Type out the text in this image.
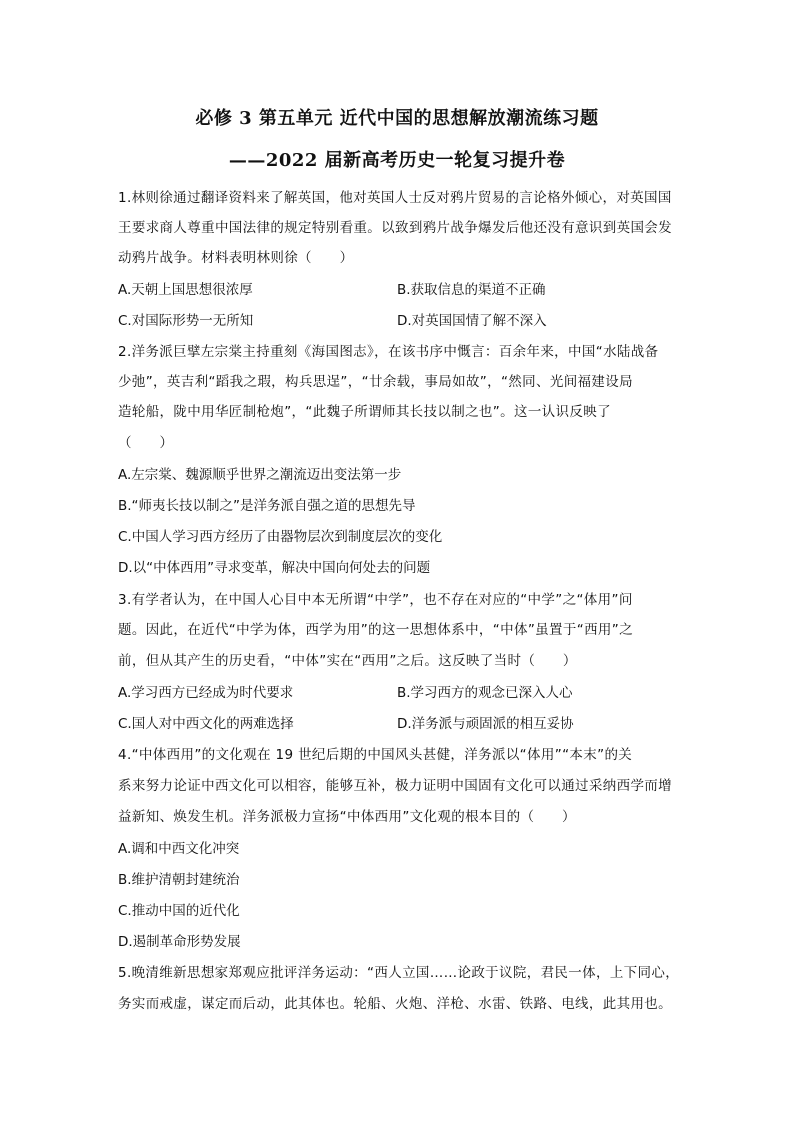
必修 3 第五单元 近代中国的思想解放潮流练习题
——2022 届新高考历史一轮复习提升卷
1.林则徐通过翻译资料来了解英国，他对英国人士反对鸦片贸易的言论格外倾心，对英国国
王要求商人尊重中国法律的规定特别看重。以致到鸦片战争爆发后他还没有意识到英国会发
动鸦片战争。材料表明林则徐（　　）
A.天朝上国思想很浓厚	B.获取信息的渠道不正确
C.对国际形势一无所知	D.对英国国情了解不深入
2.洋务派巨擘左宗棠主持重刻《海国图志》，在该书序中慨言：百余年来，中国“水陆战备
少弛”，英吉利“蹈我之瑕，构兵思逞”，“廿余载，事局如故”，“然同、光间福建设局
造轮船，陇中用华匠制枪炮”，“此魏子所谓师其长技以制之也”。这一认识反映了
（　　）
A.左宗棠、魏源顺乎世界之潮流迈出变法第一步
B.“师夷长技以制之”是洋务派自强之道的思想先导
C.中国人学习西方经历了由器物层次到制度层次的变化
D.以“中体西用”寻求变革，解决中国向何处去的问题
3.有学者认为，在中国人心目中本无所谓“中学”，也不存在对应的“中学”之“体用”问
题。因此，在近代“中学为体，西学为用”的这一思想体系中，“中体”虽置于“西用”之
前，但从其产生的历史看，“中体”实在“西用”之后。这反映了当时（　　）
A.学习西方已经成为时代要求	B.学习西方的观念已深入人心
C.国人对中西文化的两难选择	D.洋务派与顽固派的相互妥协
4.“中体西用”的文化观在 19 世纪后期的中国风头甚健，洋务派以“体用”“本末”的关
系来努力论证中西文化可以相容，能够互补，极力证明中国固有文化可以通过采纳西学而增
益新知、焕发生机。洋务派极力宣扬“中体西用”文化观的根本目的（　　）
A.调和中西文化冲突
B.维护清朝封建统治
C.推动中国的近代化
D.遏制革命形势发展
5.晚清维新思想家郑观应批评洋务运动：“西人立国……论政于议院，君民一体，上下同心，
务实而戒虚，谋定而后动，此其体也。轮船、火炮、洋枪、水雷、铁路、电线，此其用也。
